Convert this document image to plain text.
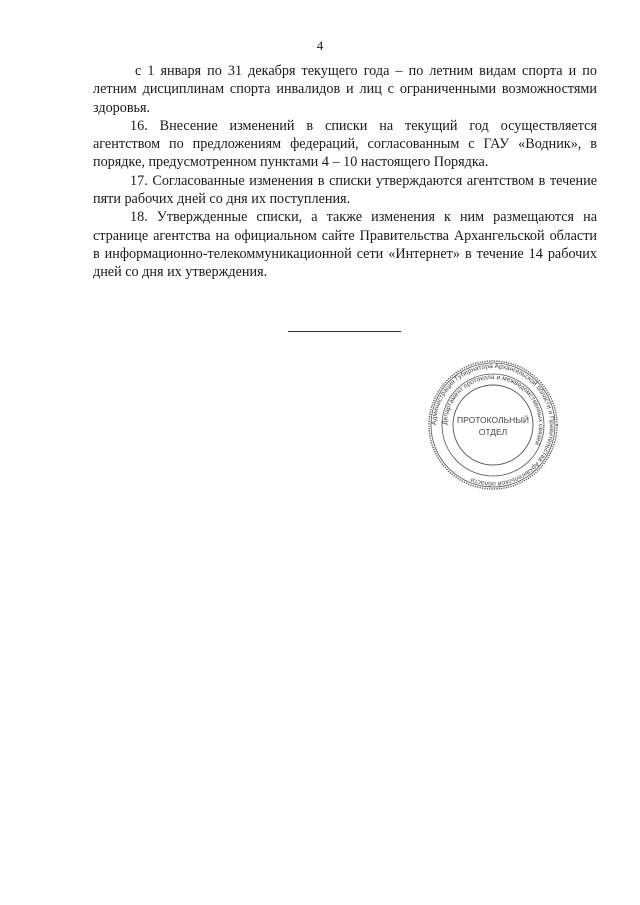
4

с 1 января по 31 декабря текущего года – по летним видам спорта и по летним дисциплинам спорта инвалидов и лиц с ограниченными возможностями здоровья.

16. Внесение изменений в списки на текущий год осуществляется агентством по предложениям федераций, согласованным с ГАУ «Водник», в порядке, предусмотренном пунктами 4 – 10 настоящего Порядка.

17. Согласованные изменения в списки утверждаются агентством в течение пяти рабочих дней со дня их поступления.

18. Утвержденные списки, а также изменения к ним размещаются на странице агентства на официальном сайте Правительства Архангельской области в информационно-телекоммуникационной сети «Интернет» в течение 14 рабочих дней со дня их утверждения.

Администрация Губернатора Архангельской области и Правительства Архангельской области
Департамент протокола и межведомственных связей
ПРОТОКОЛЬНЫЙ
ОТДЕЛ
